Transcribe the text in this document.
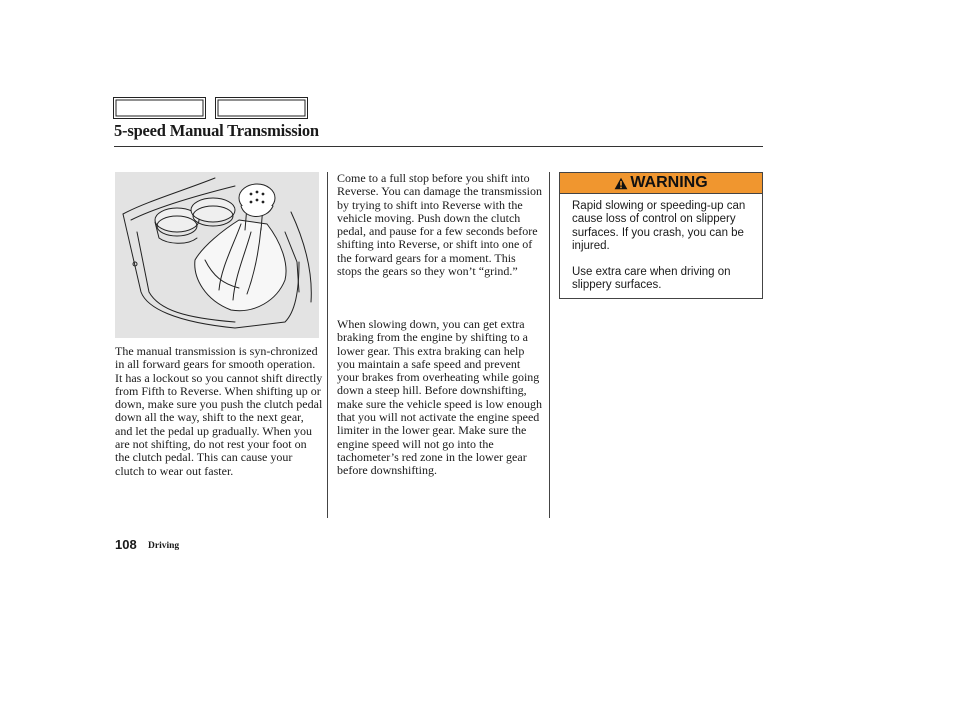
5-speed Manual Transmission

The manual transmission is syn-chronized in all forward gears for smooth operation. It has a lockout so you cannot shift directly from Fifth to Reverse. When shifting up or down, make sure you push the clutch pedal down all the way, shift to the next gear, and let the pedal up gradually. When you are not shifting, do not rest your foot on the clutch pedal. This can cause your clutch to wear out faster.

Come to a full stop before you shift into Reverse. You can damage the transmission by trying to shift into Reverse with the vehicle moving. Push down the clutch pedal, and pause for a few seconds before shifting into Reverse, or shift into one of the forward gears for a moment. This stops the gears so they won’t “grind.”

When slowing down, you can get extra braking from the engine by shifting to a lower gear. This extra braking can help you maintain a safe speed and prevent your brakes from overheating while going down a steep hill. Before downshifting, make sure the vehicle speed is low enough that you will not activate the engine speed limiter in the lower gear. Make sure the engine speed will not go into the tachometer’s red zone in the lower gear before downshifting.

WARNING

Rapid slowing or speeding-up can cause loss of control on slippery surfaces. If you crash, you can be injured.

Use extra care when driving on slippery surfaces.

108 Driving
